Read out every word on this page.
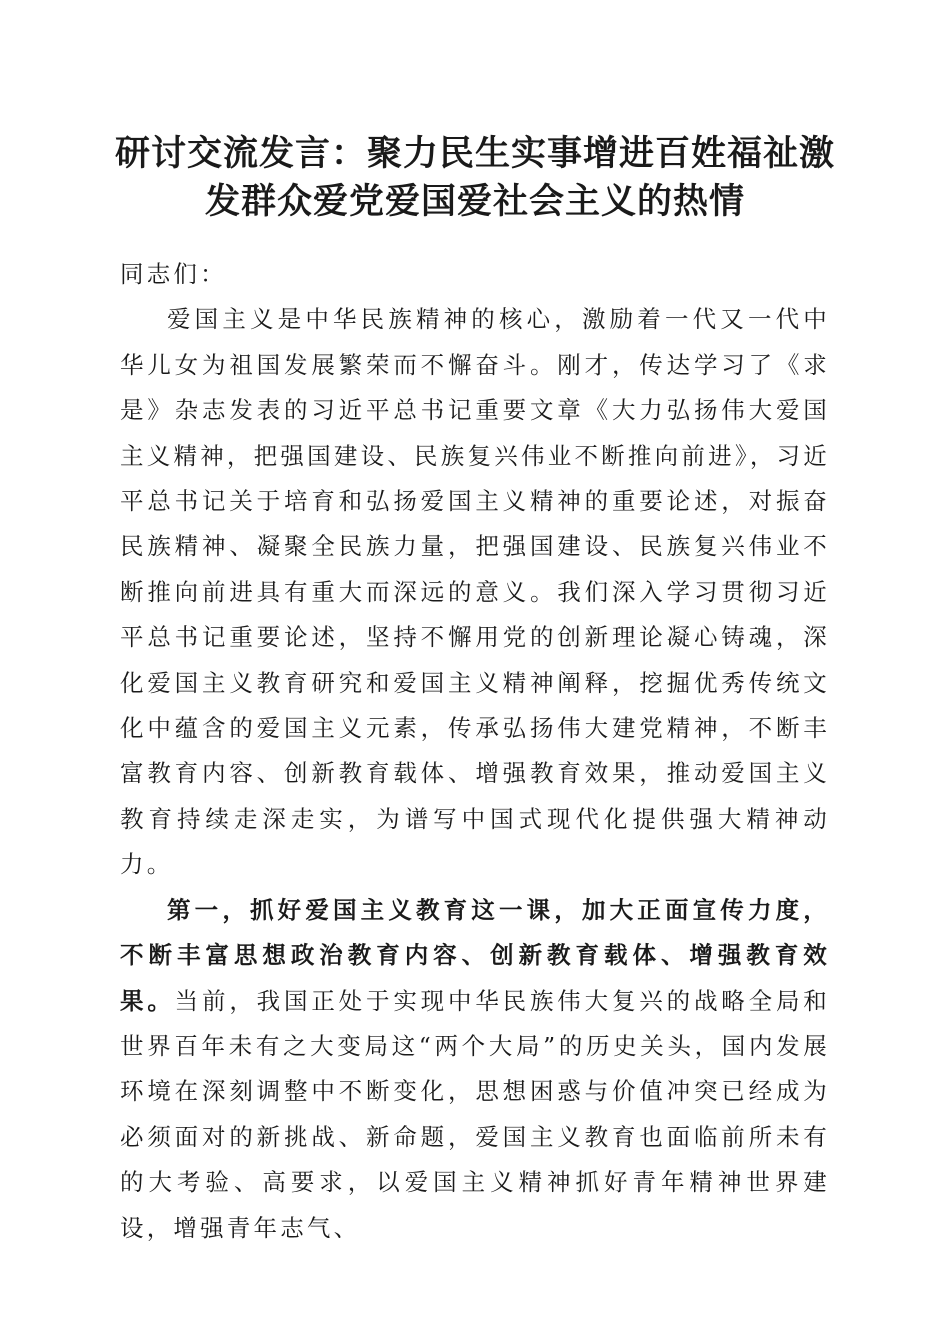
研讨交流发言：聚力民生实事增进百姓福祉激发群众爱党爱国爱社会主义的热情

同志们：

爱国主义是中华民族精神的核心，激励着一代又一代中华儿女为祖国发展繁荣而不懈奋斗。刚才，传达学习了《求是》杂志发表的习近平总书记重要文章《大力弘扬伟大爱国主义精神，把强国建设、民族复兴伟业不断推向前进》，习近平总书记关于培育和弘扬爱国主义精神的重要论述，对振奋民族精神、凝聚全民族力量，把强国建设、民族复兴伟业不断推向前进具有重大而深远的意义。我们深入学习贯彻习近平总书记重要论述，坚持不懈用党的创新理论凝心铸魂，深化爱国主义教育研究和爱国主义精神阐释，挖掘优秀传统文化中蕴含的爱国主义元素，传承弘扬伟大建党精神，不断丰富教育内容、创新教育载体、增强教育效果，推动爱国主义教育持续走深走实，为谱写中国式现代化提供强大精神动力。

第一，抓好爱国主义教育这一课，加大正面宣传力度，不断丰富思想政治教育内容、创新教育载体、增强教育效果。当前，我国正处于实现中华民族伟大复兴的战略全局和世界百年未有之大变局这“两个大局”的历史关头，国内发展环境在深刻调整中不断变化，思想困惑与价值冲突已经成为必须面对的新挑战、新命题，爱国主义教育也面临前所未有的大考验、高要求，以爱国主义精神抓好青年精神世界建设，增强青年志气、
